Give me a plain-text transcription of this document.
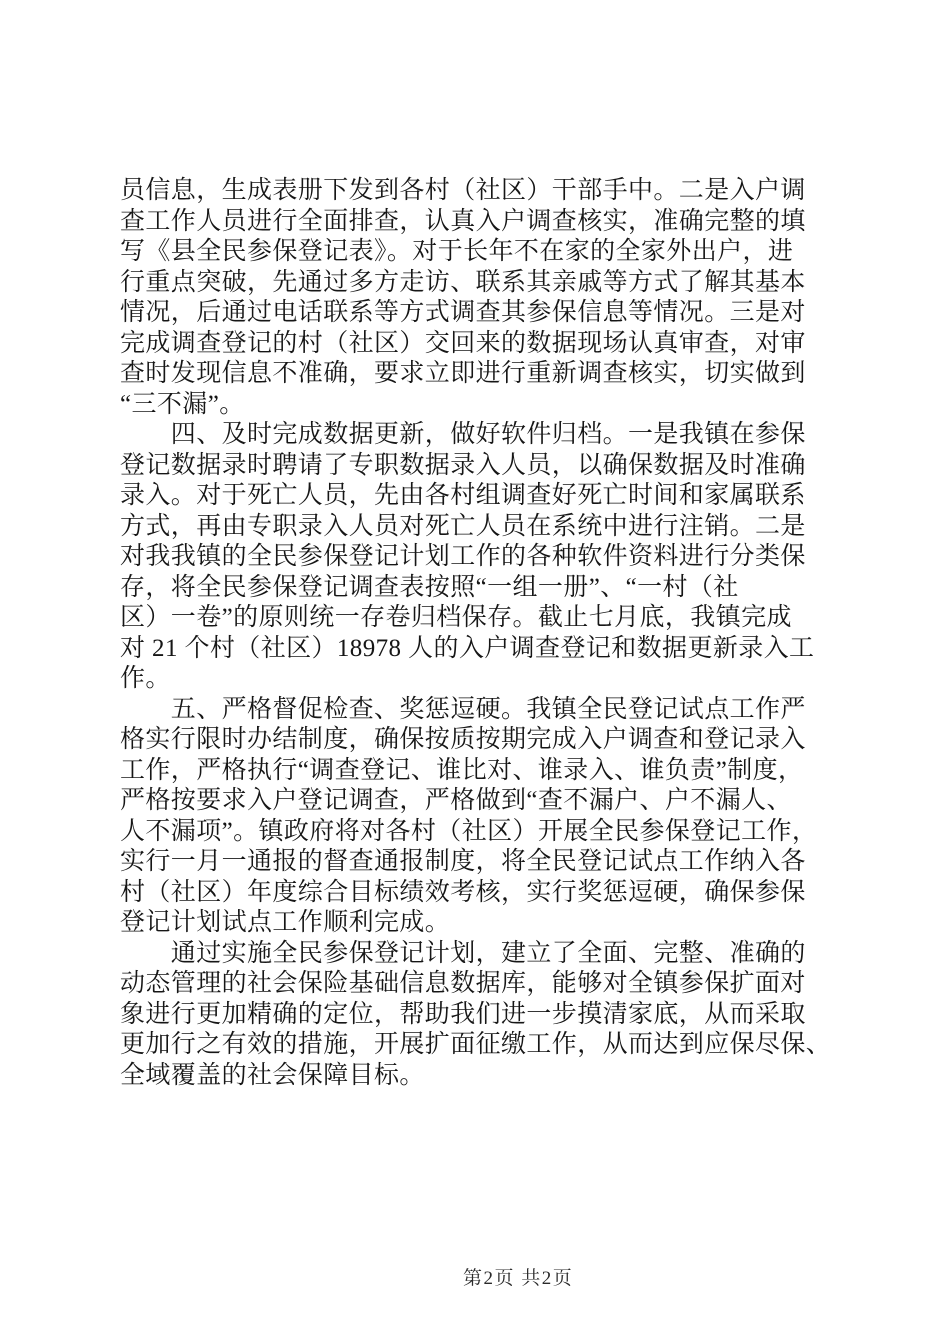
员信息，生成表册下发到各村（社区）干部手中。二是入户调
查工作人员进行全面排查，认真入户调查核实，准确完整的填
写《县全民参保登记表》。对于长年不在家的全家外出户，进
行重点突破，先通过多方走访、联系其亲戚等方式了解其基本
情况，后通过电话联系等方式调查其参保信息等情况。三是对
完成调查登记的村（社区）交回来的数据现场认真审查，对审
查时发现信息不准确，要求立即进行重新调查核实，切实做到
“三不漏”。
　　四、及时完成数据更新，做好软件归档。一是我镇在参保
登记数据录时聘请了专职数据录入人员，以确保数据及时准确
录入。对于死亡人员，先由各村组调查好死亡时间和家属联系
方式，再由专职录入人员对死亡人员在系统中进行注销。二是
对我我镇的全民参保登记计划工作的各种软件资料进行分类保
存，将全民参保登记调查表按照“一组一册”、“一村（社
区）一卷”的原则统一存卷归档保存。截止七月底，我镇完成
对 21 个村（社区）18978 人的入户调查登记和数据更新录入工
作。
　　五、严格督促检查、奖惩逗硬。我镇全民登记试点工作严
格实行限时办结制度，确保按质按期完成入户调查和登记录入
工作，严格执行“调查登记、谁比对、谁录入、谁负责”制度，
严格按要求入户登记调查，严格做到“查不漏户、户不漏人、
人不漏项”。镇政府将对各村（社区）开展全民参保登记工作，
实行一月一通报的督查通报制度，将全民登记试点工作纳入各
村（社区）年度综合目标绩效考核，实行奖惩逗硬，确保参保
登记计划试点工作顺利完成。
　　通过实施全民参保登记计划，建立了全面、完整、准确的
动态管理的社会保险基础信息数据库，能够对全镇参保扩面对
象进行更加精确的定位，帮助我们进一步摸清家底，从而采取
更加行之有效的措施，开展扩面征缴工作，从而达到应保尽保、
全域覆盖的社会保障目标。

第2页 共2页
